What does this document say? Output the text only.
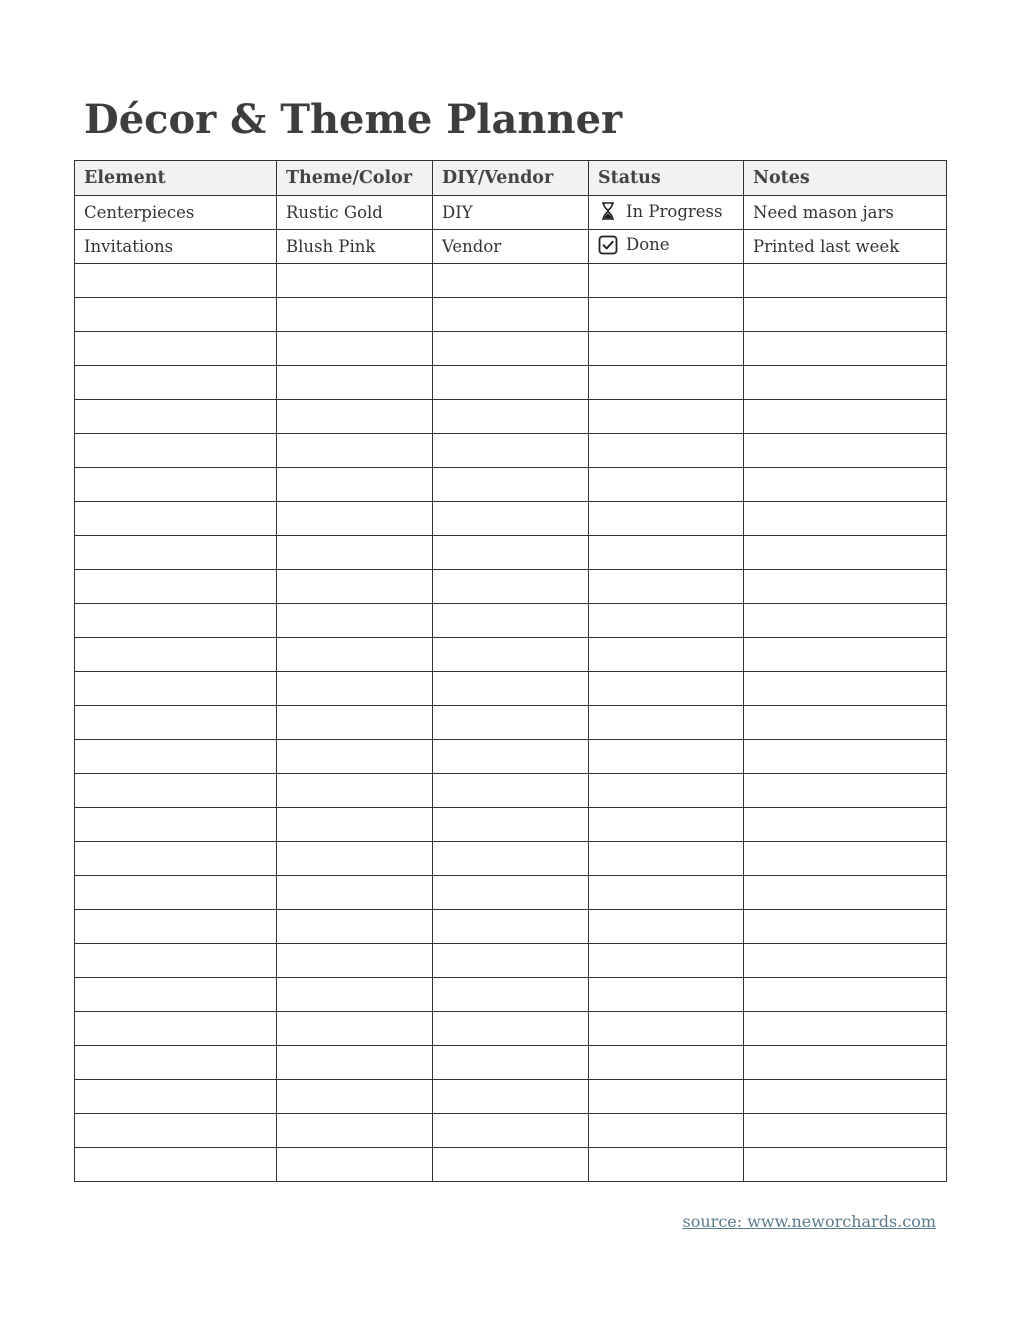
Décor & Theme Planner
Element	Theme/Color	DIY/Vendor	Status	Notes
Centerpieces	Rustic Gold	DIY	In Progress	Need mason jars
Invitations	Blush Pink	Vendor	Done	Printed last week

source: www.neworchards.com
